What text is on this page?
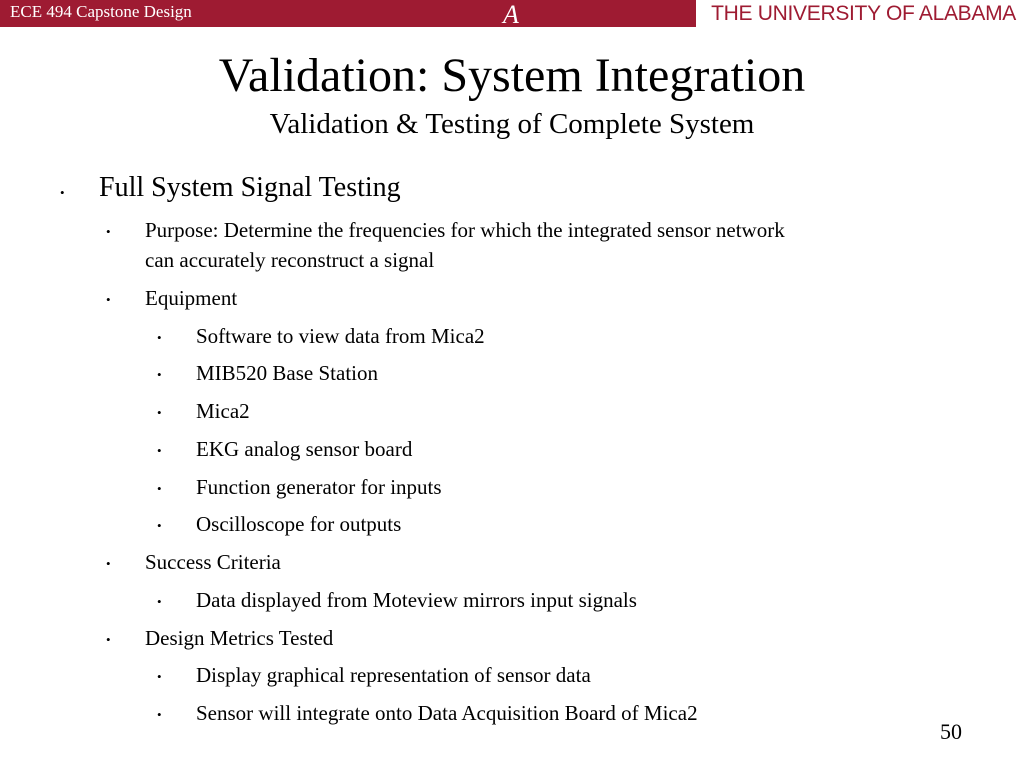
ECE 494 Capstone Design	A	THE UNIVERSITY OF ALABAMA
Validation: System Integration
Validation & Testing of Complete System
• Full System Signal Testing
• Purpose: Determine the frequencies for which the integrated sensor network
can accurately reconstruct a signal
• Equipment
• Software to view data from Mica2
• MIB520 Base Station
• Mica2
• EKG analog sensor board
• Function generator for inputs
• Oscilloscope for outputs
• Success Criteria
• Data displayed from Moteview mirrors input signals
• Design Metrics Tested
• Display graphical representation of sensor data
• Sensor will integrate onto Data Acquisition Board of Mica2
50
